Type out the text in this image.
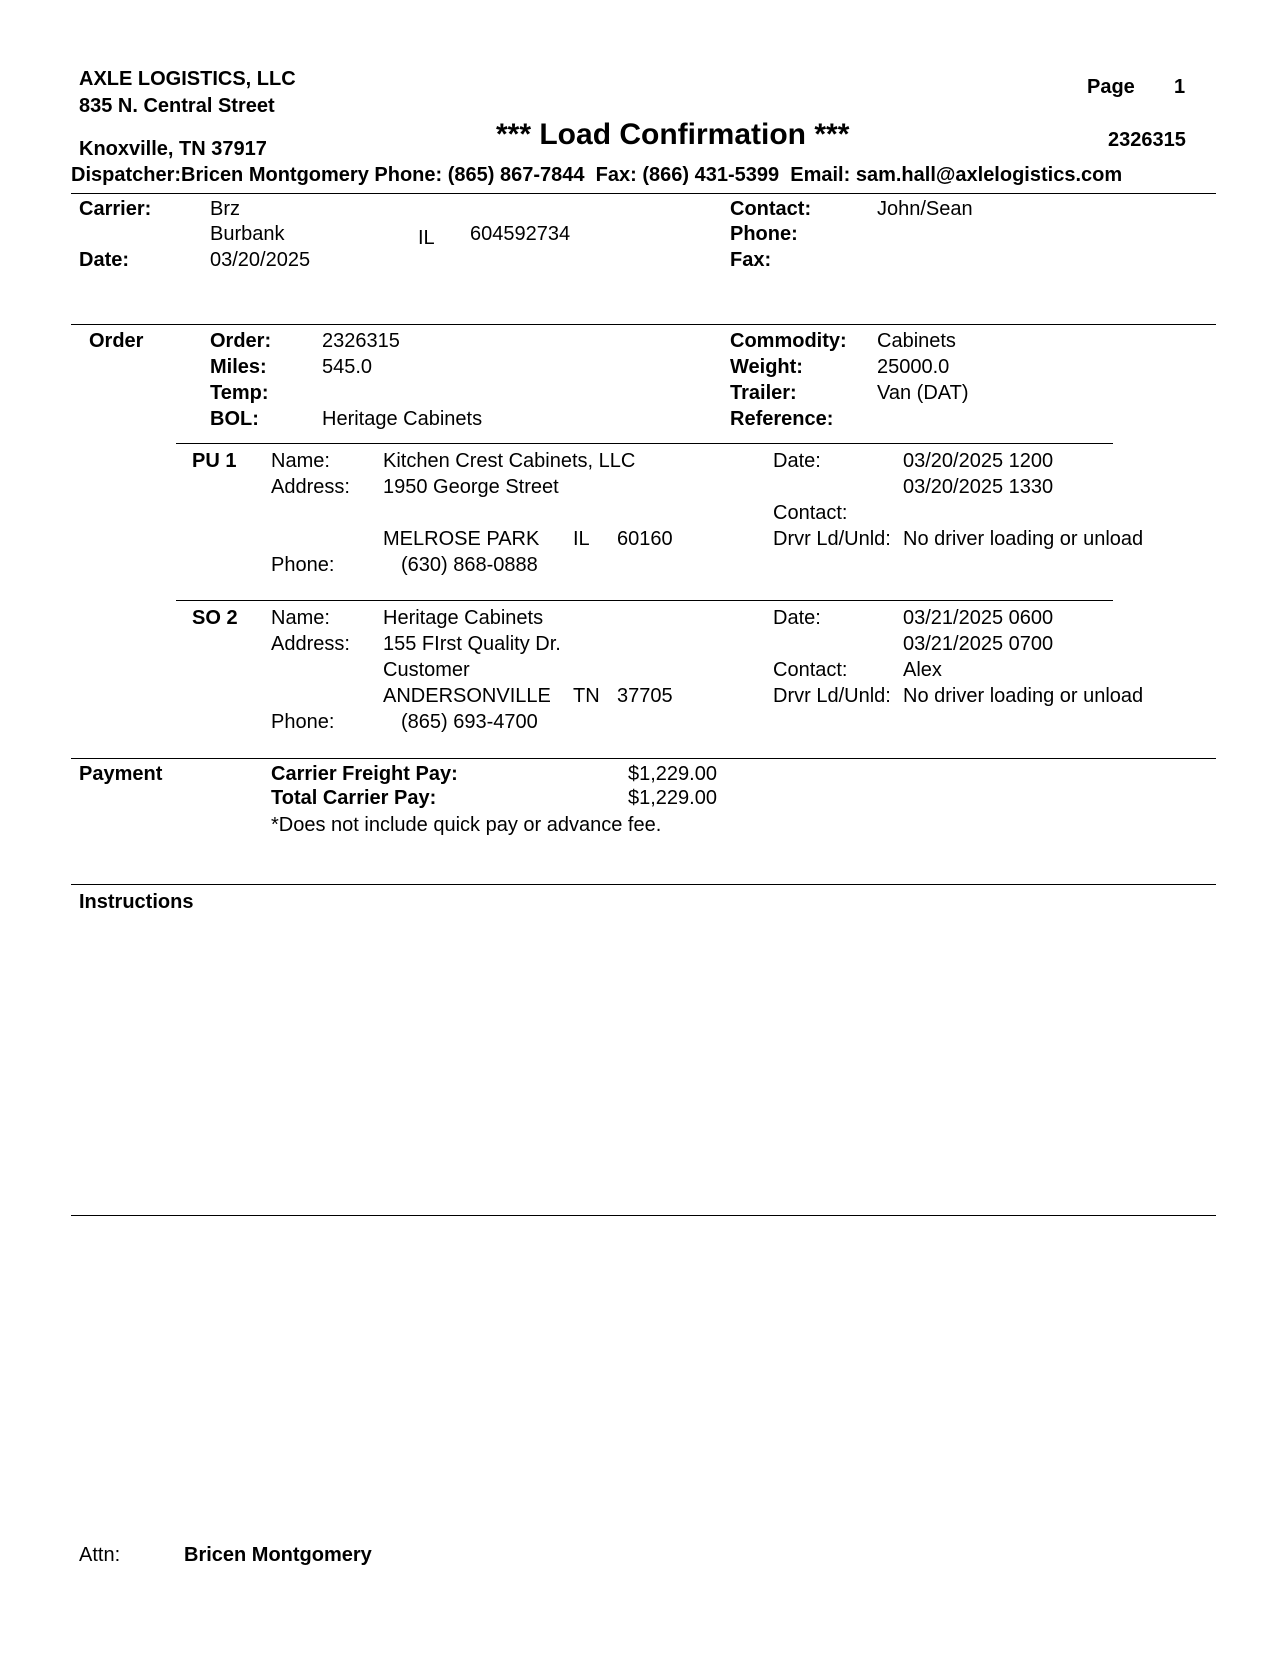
AXLE LOGISTICS, LLC
835 N. Central Street
Knoxville, TN 37917	*** Load Confirmation ***
Page 1
2326315
Dispatcher:Bricen Montgomery Phone: (865) 867-7844 Fax: (866) 431-5399 Email: sam.hall@axlelogistics.com
Carrier:	Brz
Burbank	IL 604592734
Date:	03/20/2025
Contact:	John/Sean
Phone:
Fax:
Order	Order:	2326315
Miles:	545.0
Temp:
BOL:	Heritage Cabinets
Commodity: Cabinets
Weight:	25000.0
Trailer:	Van (DAT)
Reference:
PU 1 Name:	Kitchen Crest Cabinets, LLC
Address: 1950 George Street
MELROSE PARK IL 60160
Phone:	(630) 868-0888
Date:	03/20/2025 1200
03/20/2025 1330
Contact:
Drvr Ld/Unld: No driver loading or unload
SO 2 Name:	Heritage Cabinets
Address: 155 FIrst Quality Dr.
Customer
ANDERSONVILLE TN 37705
Phone:	(865) 693-4700
Date:	03/21/2025 0600
03/21/2025 0700
Contact:	Alex
Drvr Ld/Unld: No driver loading or unload
Payment	Carrier Freight Pay:	$1,229.00
Total Carrier Pay:	$1,229.00
*Does not include quick pay or advance fee.
Instructions
Attn:	Bricen Montgomery
